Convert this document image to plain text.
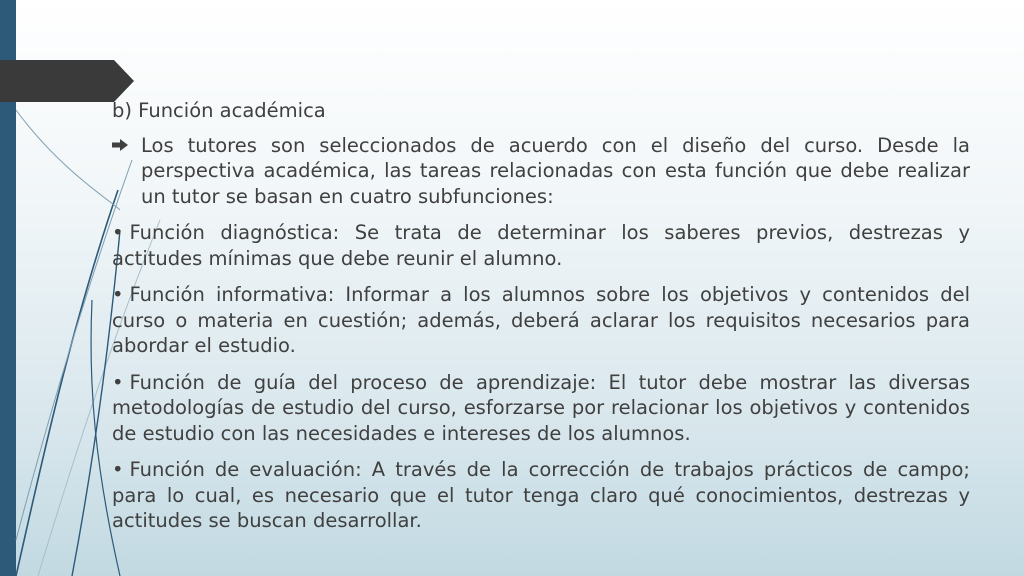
b) Función académica
Los tutores son seleccionados de acuerdo con el diseño del curso. Desde la perspectiva académica, las tareas relacionadas con esta función que debe realizar un tutor se basan en cuatro subfunciones:
• Función diagnóstica: Se trata de determinar los saberes previos, destrezas y actitudes mínimas que debe reunir el alumno.
• Función informativa: Informar a los alumnos sobre los objetivos y contenidos del curso o materia en cuestión; además, deberá aclarar los requisitos necesarios para abordar el estudio.
• Función de guía del proceso de aprendizaje: El tutor debe mostrar las diversas metodologías de estudio del curso, esforzarse por relacionar los objetivos y contenidos de estudio con las necesidades e intereses de los alumnos.
• Función de evaluación: A través de la corrección de trabajos prácticos de campo; para lo cual, es necesario que el tutor tenga claro qué conocimientos, destrezas y actitudes se buscan desarrollar.
